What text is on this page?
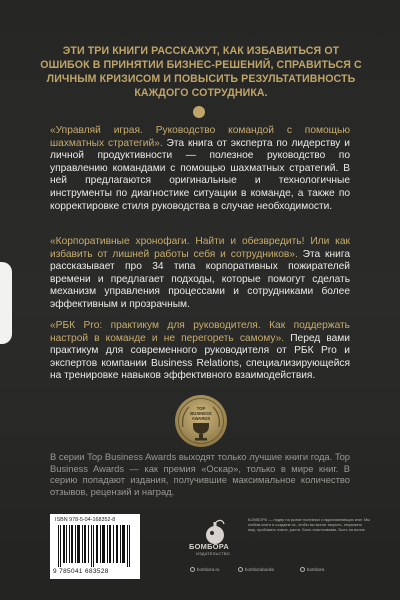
ЭТИ ТРИ КНИГИ РАССКАЖУТ, КАК ИЗБАВИТЬСЯ ОТ ОШИБОК В ПРИНЯТИИ БИЗНЕС-РЕШЕНИЙ, СПРАВИТЬСЯ С ЛИЧНЫМ КРИЗИСОМ И ПОВЫСИТЬ РЕЗУЛЬТАТИВНОСТЬ КАЖДОГО СОТРУДНИКА.
«Управляй играя. Руководство командой с помощью шахматных стратегий». Эта книга от эксперта по лидерству и личной продуктивности — полезное руководство по управлению командами с помощью шахматных стратегий. В ней предлагаются оригинальные и технологичные инструменты по диагностике ситуации в команде, а также по корректировке стиля руководства в случае необходимости.
«Корпоративные хронофаги. Найти и обезвредить! Или как избавить от лишней работы себя и сотрудников». Эта книга рассказывает про 34 типа корпоративных пожирателей времени и предлагает подходы, которые помогут сделать механизм управления процессами и сотрудниками более эффективным и прозрачным.
«РБК Pro: практикум для руководителя. Как поддержать настрой в команде и не перегореть самому». Перед вами практикум для современного руководителя от РБК Pro и экспертов компании Business Relations, специализирующейся на тренировке навыков эффективного взаимодействия.
TOP
BUSINESS
AWARDS
В серии Top Business Awards выходят только лучшие книги года. Top Business Awards — как премия «Оскар», только в мире книг. В серию попадают издания, получившие максимальное количество отзывов, рецензий и наград.
ISBN 978-5-04-168352-8
9 785041 683528
БОМБОРА
ИЗДАТЕЛЬСТВО
БОМБОРА — лидер на рынке полезных и вдохновляющих книг. Мы любим книги и создаем их, чтобы вы могли творить, открывать мир, пробовать новое, расти. Быть счастливыми. Быть на волне.
bombora.ru	bomborabooks	bombora
